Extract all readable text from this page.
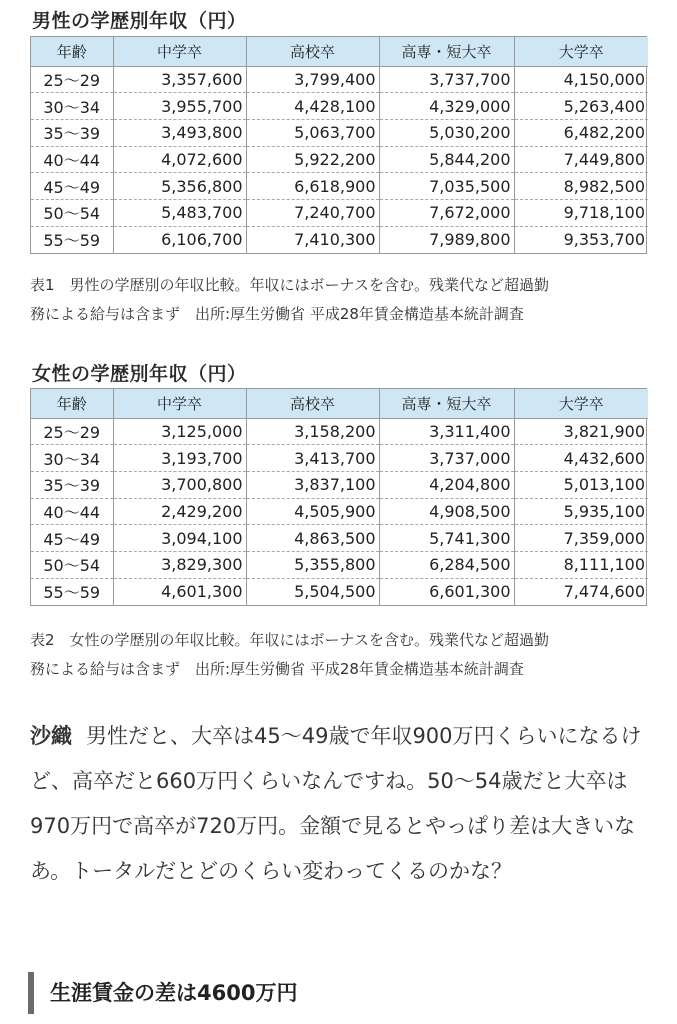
男性の学歴別年収（円）
年齢	中学卒	高校卒	高専・短大卒	大学卒
25～29	3,357,600	3,799,400	3,737,700	4,150,000
30～34	3,955,700	4,428,100	4,329,000	5,263,400
35～39	3,493,800	5,063,700	5,030,200	6,482,200
40～44	4,072,600	5,922,200	5,844,200	7,449,800
45～49	5,356,800	6,618,900	7,035,500	8,982,500
50～54	5,483,700	7,240,700	7,672,000	9,718,100
55～59	6,106,700	7,410,300	7,989,800	9,353,700
表1　男性の学歴別の年収比較。年収にはボーナスを含む。残業代など超過勤
務による給与は含まず　出所:厚生労働省 平成28年賃金構造基本統計調査
女性の学歴別年収（円）
年齢	中学卒	高校卒	高専・短大卒	大学卒
25～29	3,125,000	3,158,200	3,311,400	3,821,900
30～34	3,193,700	3,413,700	3,737,000	4,432,600
35～39	3,700,800	3,837,100	4,204,800	5,013,100
40～44	2,429,200	4,505,900	4,908,500	5,935,100
45～49	3,094,100	4,863,500	5,741,300	7,359,000
50～54	3,829,300	5,355,800	6,284,500	8,111,100
55～59	4,601,300	5,504,500	6,601,300	7,474,600
表2　女性の学歴別の年収比較。年収にはボーナスを含む。残業代など超過勤
務による給与は含まず　出所:厚生労働省 平成28年賃金構造基本統計調査
沙織 男性だと、大卒は45～49歳で年収900万円くらいになるけど、高卒だと660万円くらいなんですね。50～54歳だと大卒は970万円で高卒が720万円。金額で見るとやっぱり差は大きいなあ。トータルだとどのくらい変わってくるのかな？
生涯賃金の差は4600万円
